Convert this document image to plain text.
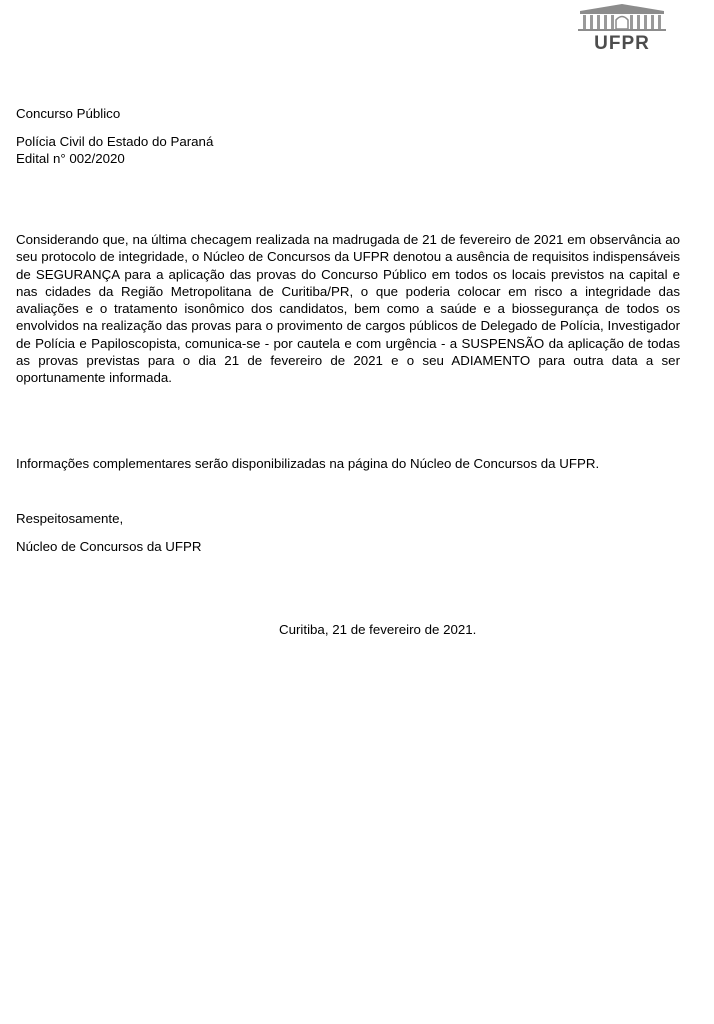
UFPR
Concurso Público
Polícia Civil do Estado do Paraná
Edital n° 002/2020
Considerando que, na última checagem realizada na madrugada de 21 de fevereiro de 2021 em observância ao seu protocolo de integridade, o Núcleo de Concursos da UFPR denotou a ausência de requisitos indispensáveis de SEGURANÇA para a aplicação das provas do Concurso Público em todos os locais previstos na capital e nas cidades da Região Metropolitana de Curitiba/PR, o que poderia colocar em risco a integridade das avaliações e o tratamento isonômico dos candidatos, bem como a saúde e a biossegurança de todos os envolvidos na realização das provas para o provimento de cargos públicos de Delegado de Polícia, Investigador de Polícia e Papiloscopista, comunica-se - por cautela e com urgência - a SUSPENSÃO da aplicação de todas as provas previstas para o dia 21 de fevereiro de 2021 e o seu ADIAMENTO para outra data a ser oportunamente informada.
Informações complementares serão disponibilizadas na página do Núcleo de Concursos da UFPR.
Respeitosamente,
Núcleo de Concursos da UFPR
Curitiba, 21 de fevereiro de 2021.
